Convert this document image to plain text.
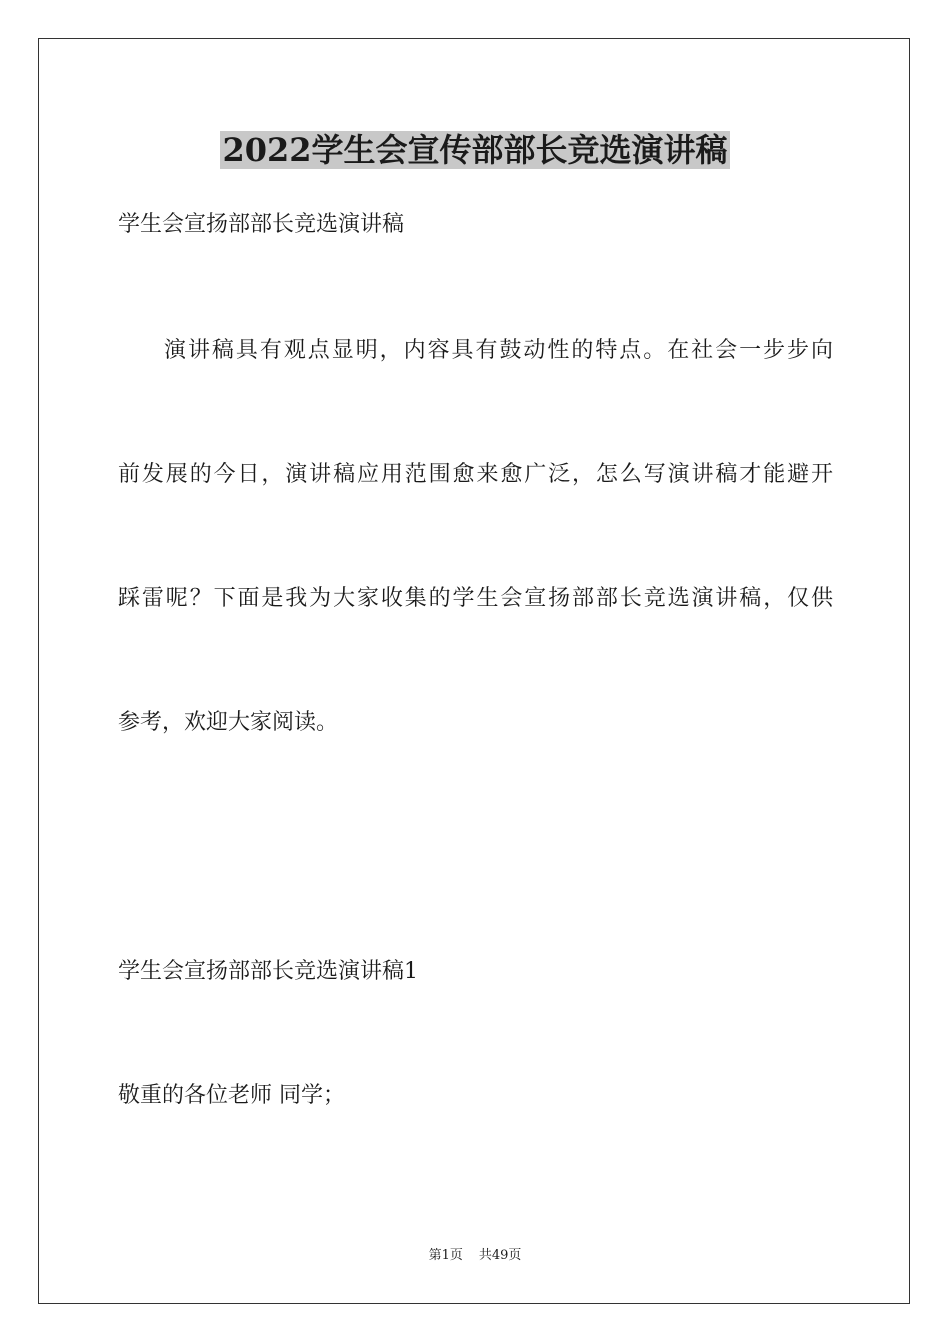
2022学生会宣传部部长竞选演讲稿

学生会宣扬部部长竞选演讲稿

演讲稿具有观点显明，内容具有鼓动性的特点。在社会一步步向

前发展的今日，演讲稿应用范围愈来愈广泛，怎么写演讲稿才能避开

踩雷呢？下面是我为大家收集的学生会宣扬部部长竞选演讲稿，仅供

参考，欢迎大家阅读。

学生会宣扬部部长竞选演讲稿1

敬重的各位老师 同学；

第1页 共49页
